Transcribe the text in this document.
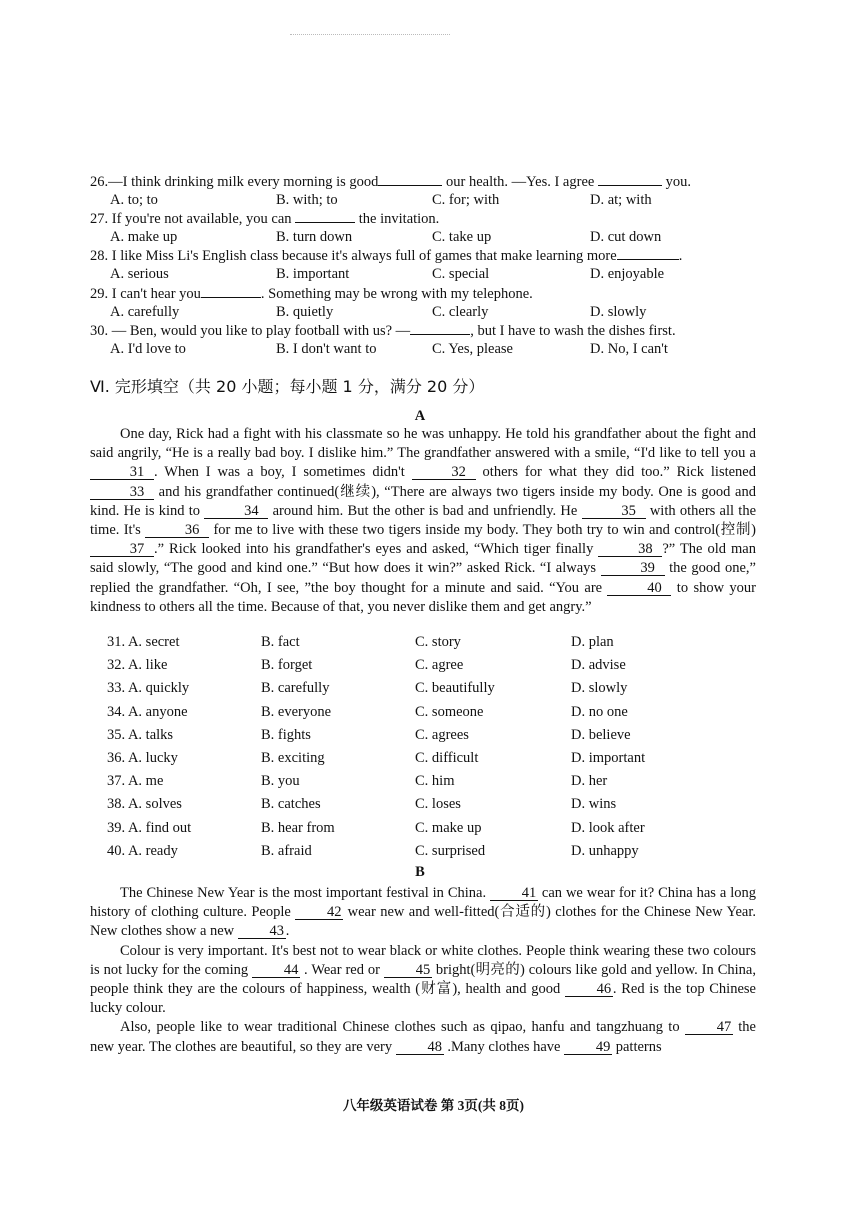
26.—I think drinking milk every morning is good	our health. —Yes. I agree	you.
A. to; to	B. with; to	C. for; with	D. at; with
27. If you're not available, you can	the invitation.
A. make up	B. turn down	C. take up	D. cut down
28. I like Miss Li's English class because it's always full of games that make learning more	.
A. serious	B. important	C. special	D. enjoyable
29. I can't hear you	. Something may be wrong with my telephone.
A. carefully	B. quietly	C. clearly	D. slowly
30. — Ben, would you like to play football with us? —	, but I have to wash the dishes first.
A. I'd love to	B. I don't want to	C. Yes, please	D. No, I can't
Ⅵ. 完形填空（共 20 小题；每小题 1 分，满分 20 分）
A

One day, Rick had a fight with his classmate so he was unhappy. He told his grandfather about the fight and said angrily, “He is a really bad boy. I dislike him.” The grandfather answered with a smile, “I'd like to tell you a 31 . When I was a boy, I sometimes didn't	32 others for what they did too.” Rick listened 33 and his grandfather continued(继续), “There are always two tigers inside my body. One is good and kind. He is kind to	34 around him. But the other is bad and unfriendly. He	35 with others all the time. It's	36 for me to live with these two tigers inside my body. They both try to win and control(控制) 37 .” Rick looked into his grandfather's eyes and asked, “Which tiger finally	38 ?” The old man said slowly, “The good and kind one.” “But how does it win?” asked Rick. “I always	39 the good one,” replied the grandfather. “Oh, I see, ”the boy thought for a minute and said. “You are	40 to show your kindness to others all the time. Because of that, you never dislike them and get angry.”

31. A. secret	B. fact	C. story	D. plan
32. A. like	B. forget	C. agree	D. advise
33. A. quickly	B. carefully	C. beautifully	D. slowly
34. A. anyone	B. everyone	C. someone	D. no one
35. A. talks	B. fights	C. agrees	D. believe
36. A. lucky	B. exciting	C. difficult	D. important
37. A. me	B. you	C. him	D. her
38. A. solves	B. catches	C. loses	D. wins
39. A. find out	B. hear from	C. make up	D. look after
40. A. ready	B. afraid	C. surprised	D. unhappy
B

The Chinese New Year is the most important festival in China. 41 can we wear for it? China has a long history of clothing culture. People 42 wear new and well-fitted(合适的) clothes for the Chinese New Year. New clothes show a new 43 .

Colour is very important. It's best not to wear black or white clothes. People think wearing these two colours is not lucky for the coming 44 . Wear red or 45 bright(明亮的) colours like gold and yellow. In China, people think they are the colours of happiness, wealth (财富), health and good 46 . Red is the top Chinese lucky colour.

Also, people like to wear traditional Chinese clothes such as qipao, hanfu and tangzhuang to 47 the new year. The clothes are beautiful, so they are very 48 .Many clothes have 49 patterns

八年级英语试卷 第 3页(共 8页)
